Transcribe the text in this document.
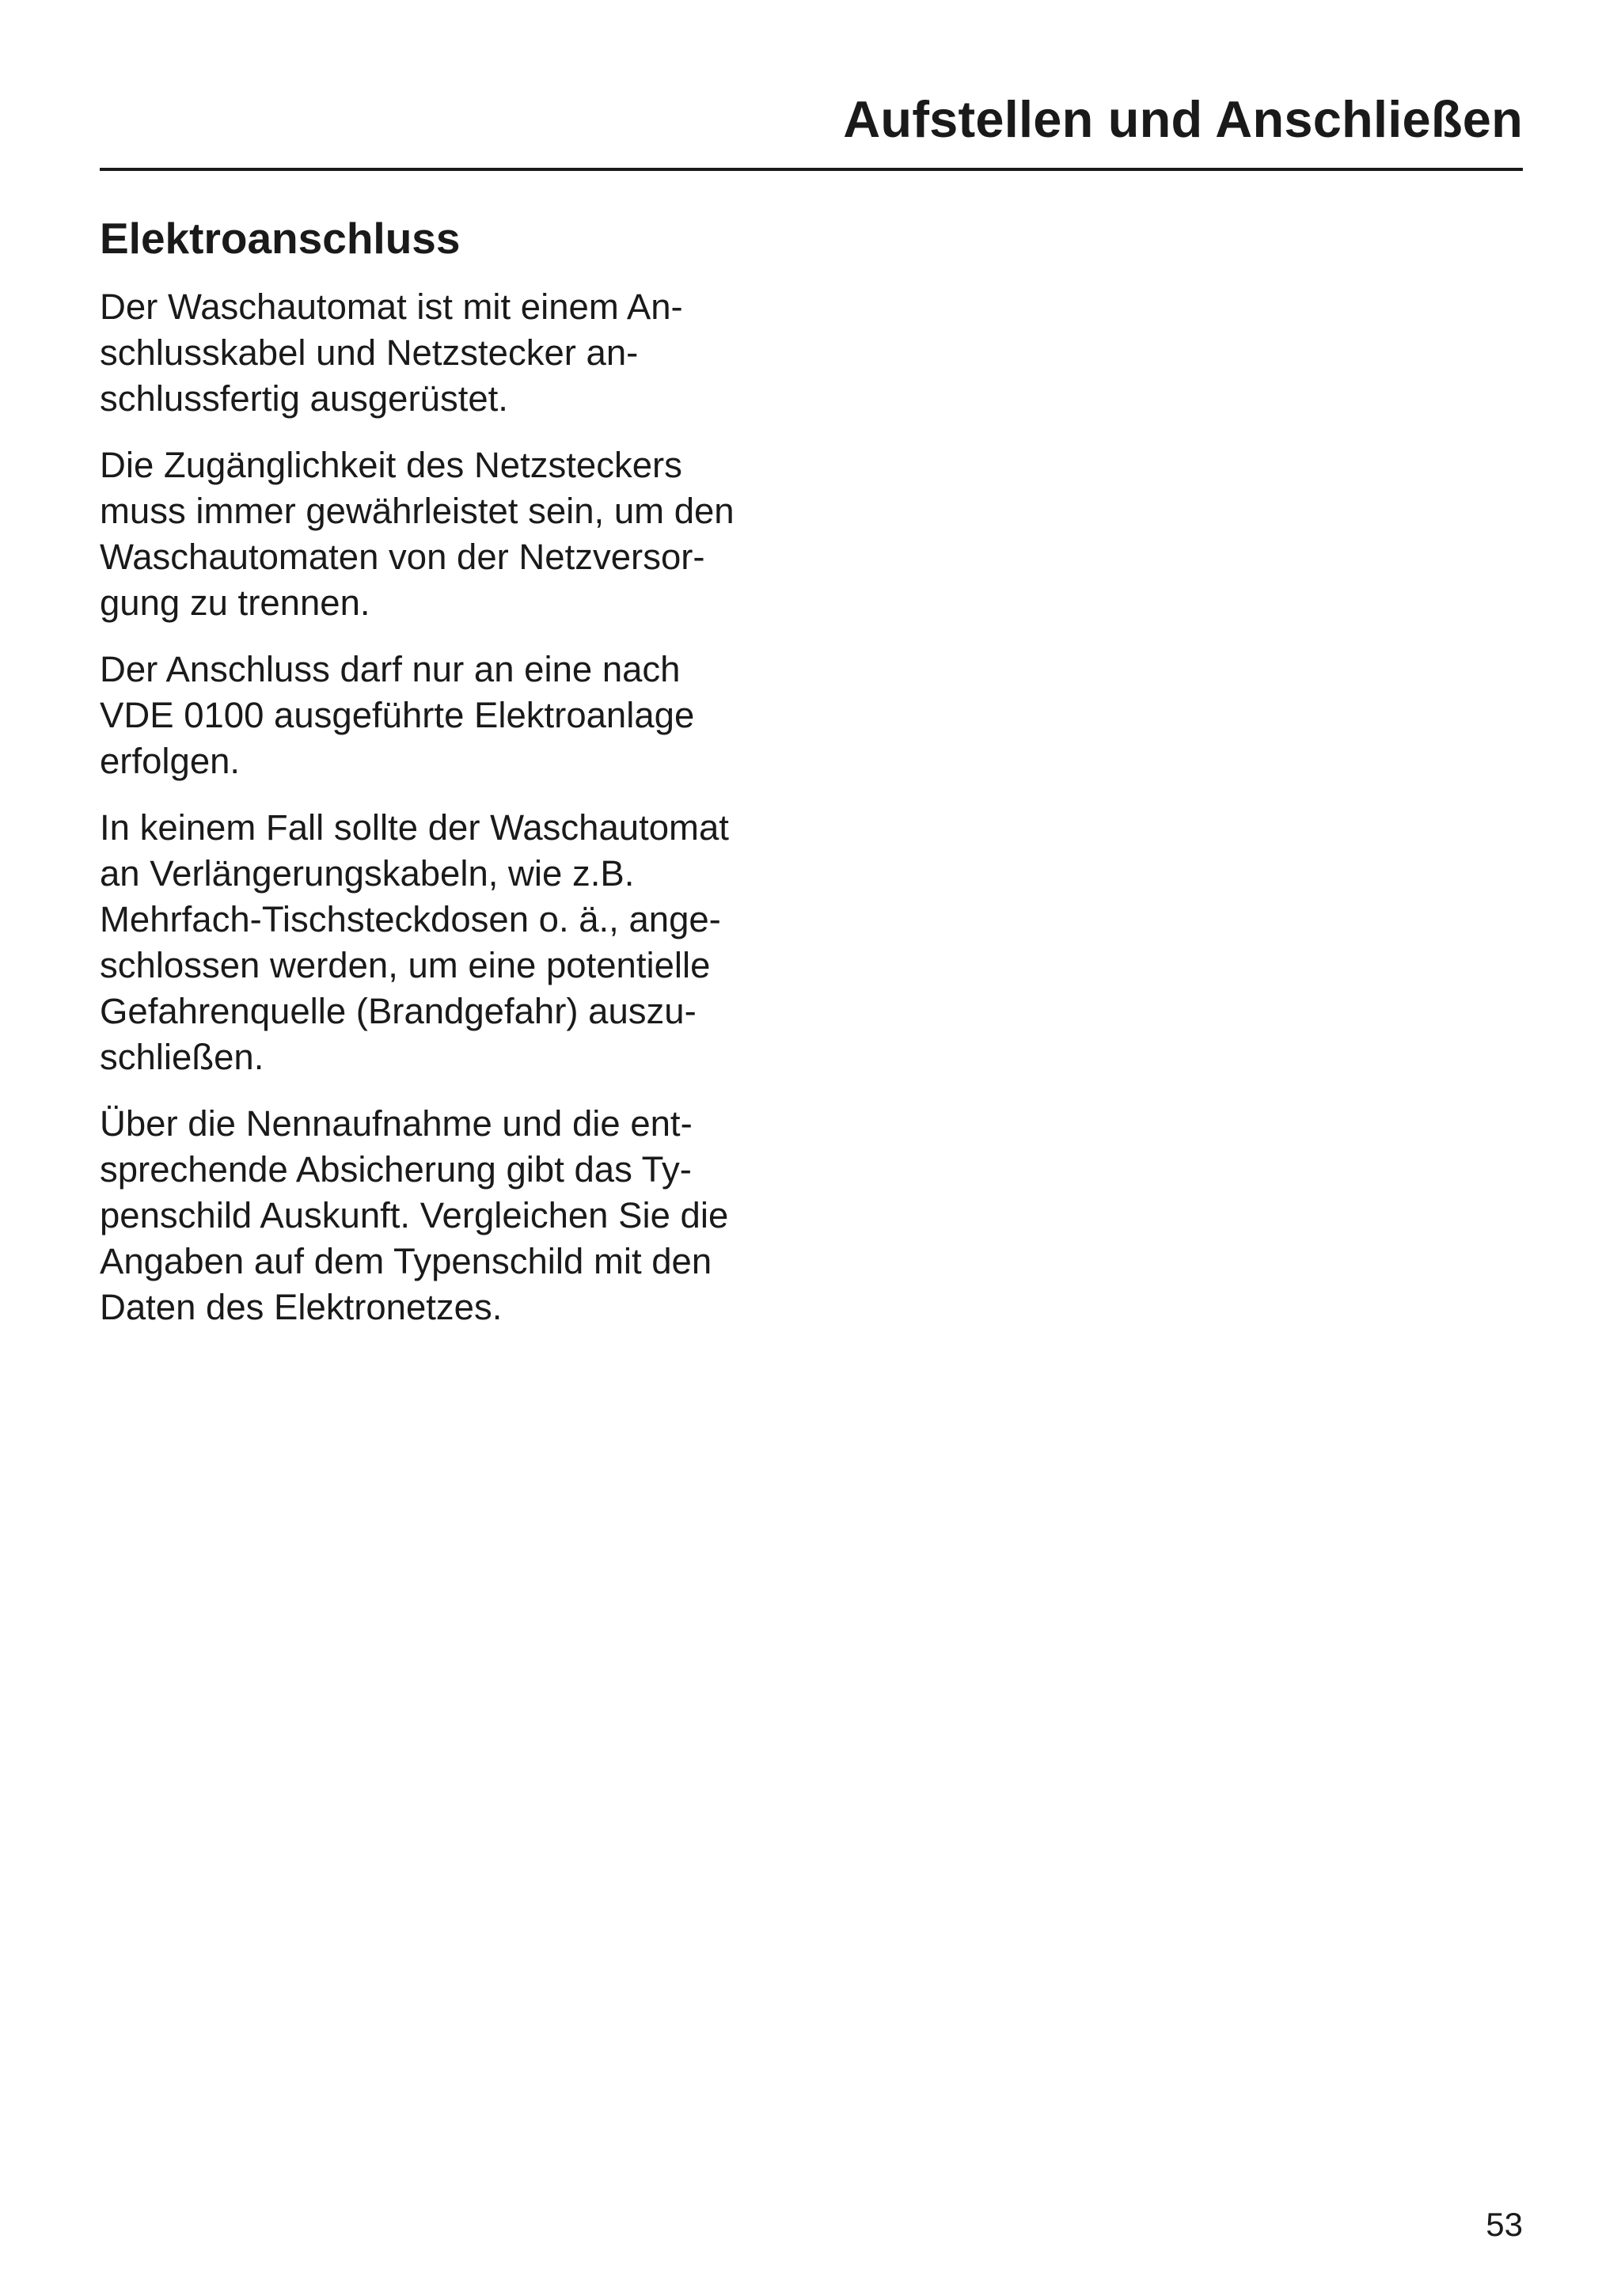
Aufstellen und Anschließen
Elektroanschluss

Der Waschautomat ist mit einem An-
schlusskabel und Netzstecker an-
schlussfertig ausgerüstet.

Die Zugänglichkeit des Netzsteckers
muss immer gewährleistet sein, um den
Waschautomaten von der Netzversor-
gung zu trennen.

Der Anschluss darf nur an eine nach
VDE 0100 ausgeführte Elektroanlage
erfolgen.

In keinem Fall sollte der Waschautomat
an Verlängerungskabeln, wie z.B.
Mehrfach-Tischsteckdosen o. ä., ange-
schlossen werden, um eine potentielle
Gefahrenquelle (Brandgefahr) auszu-
schließen.

Über die Nennaufnahme und die ent-
sprechende Absicherung gibt das Ty-
penschild Auskunft. Vergleichen Sie die
Angaben auf dem Typenschild mit den
Daten des Elektronetzes.

53
